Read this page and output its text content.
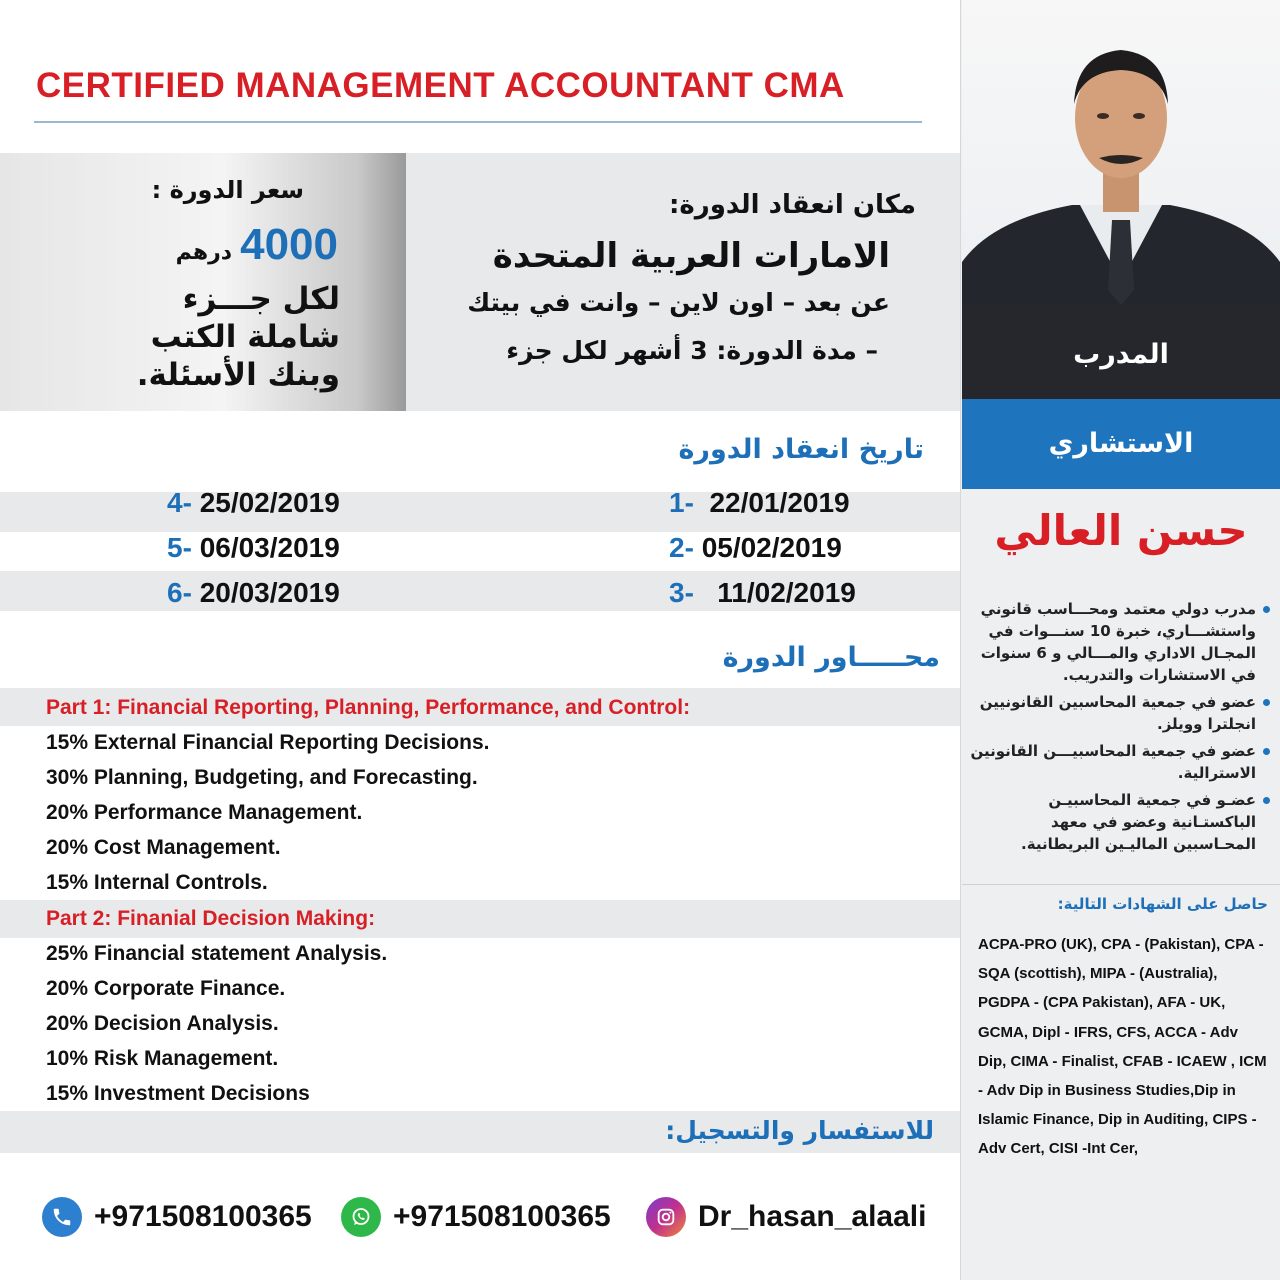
CERTIFIED MANAGEMENT ACCOUNTANT CMA
سعر الدورة :
4000درهم
لكل جـــزء
شاملة الكتب
وبنك الأسئلة.
مكان انعقاد الدورة:
الامارات العربية المتحدة
عن بعد – اون لاين – وانت في بيتك
– مدة الدورة: 3 أشهر لكل جزء
تاريخ انعقاد الدورة
1- 22/01/2019
2- 05/02/2019
3- 11/02/2019
4- 25/02/2019
5- 06/03/2019
6- 20/03/2019
محـــــاور الدورة
Part 1: Financial Reporting, Planning, Performance, and Control:
15% External Financial Reporting Decisions.
30% Planning, Budgeting, and Forecasting.
20% Performance Management.
20% Cost Management.
15% Internal Controls.
Part 2: Finanial Decision Making:
25% Financial statement Analysis.
20% Corporate Finance.
20% Decision Analysis.
10% Risk Management.
15% Investment Decisions
للاستفسار والتسجيل:
+971508100365	+971508100365	Dr_hasan_alaali
المدرب
الاستشاري
حسن العالي
مدرب دولي معتمد ومحـــاسب قانوني واستشـــاري، خبرة 10 سنـــوات في المجـال الاداري والمـــالي و 6 سنوات في الاستشارات والتدريب.
عضو في جمعية المحاسبين القانونيين انجلترا وويلز.
عضو في جمعية المحاسبيـــن القانونين الاسترالية.
عضـو في جمعية المحاسبيـن الباكستـانية وعضو في معهد المحـاسبين الماليـين البريطانية.
حاصل على الشهادات التالية:
ACPA-PRO (UK), CPA - (Pakistan), CPA - SQA (scottish), MIPA - (Australia), PGDPA - (CPA Pakistan), AFA - UK, GCMA, Dipl - IFRS, CFS, ACCA - Adv Dip, CIMA - Finalist, CFAB - ICAEW , ICM - Adv Dip in Business Studies,Dip in Islamic Finance, Dip in Auditing, CIPS - Adv Cert, CISI -Int Cer,
